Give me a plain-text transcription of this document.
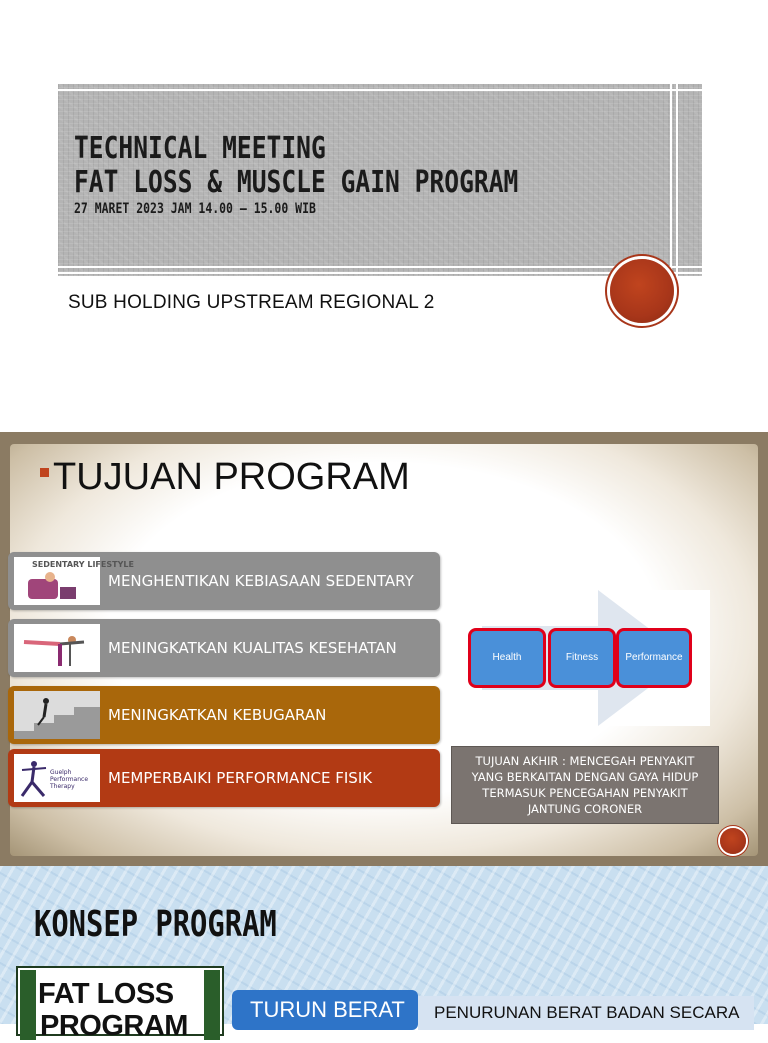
TECHNICAL MEETING
FAT LOSS & MUSCLE GAIN PROGRAM
27 MARET 2023 JAM 14.00 – 15.00 WIB
SUB HOLDING UPSTREAM REGIONAL 2
TUJUAN PROGRAM
SEDENTARY LIFESTYLE
MENGHENTIKAN KEBIASAAN SEDENTARY
MENINGKATKAN KUALITAS KESEHATAN
MENINGKATKAN KEBUGARAN
Guelph
Performance
Therapy MEMPERBAIKI PERFORMANCE FISIK
Health	Fitness	Performance
TUJUAN AKHIR : MENCEGAH PENYAKIT YANG BERKAITAN DENGAN GAYA HIDUP TERMASUK PENCEGAHAN PENYAKIT JANTUNG CORONER
KONSEP PROGRAM
FAT LOSS
PROGRAM
TURUN BERAT	PENURUNAN BERAT BADAN SECARA
